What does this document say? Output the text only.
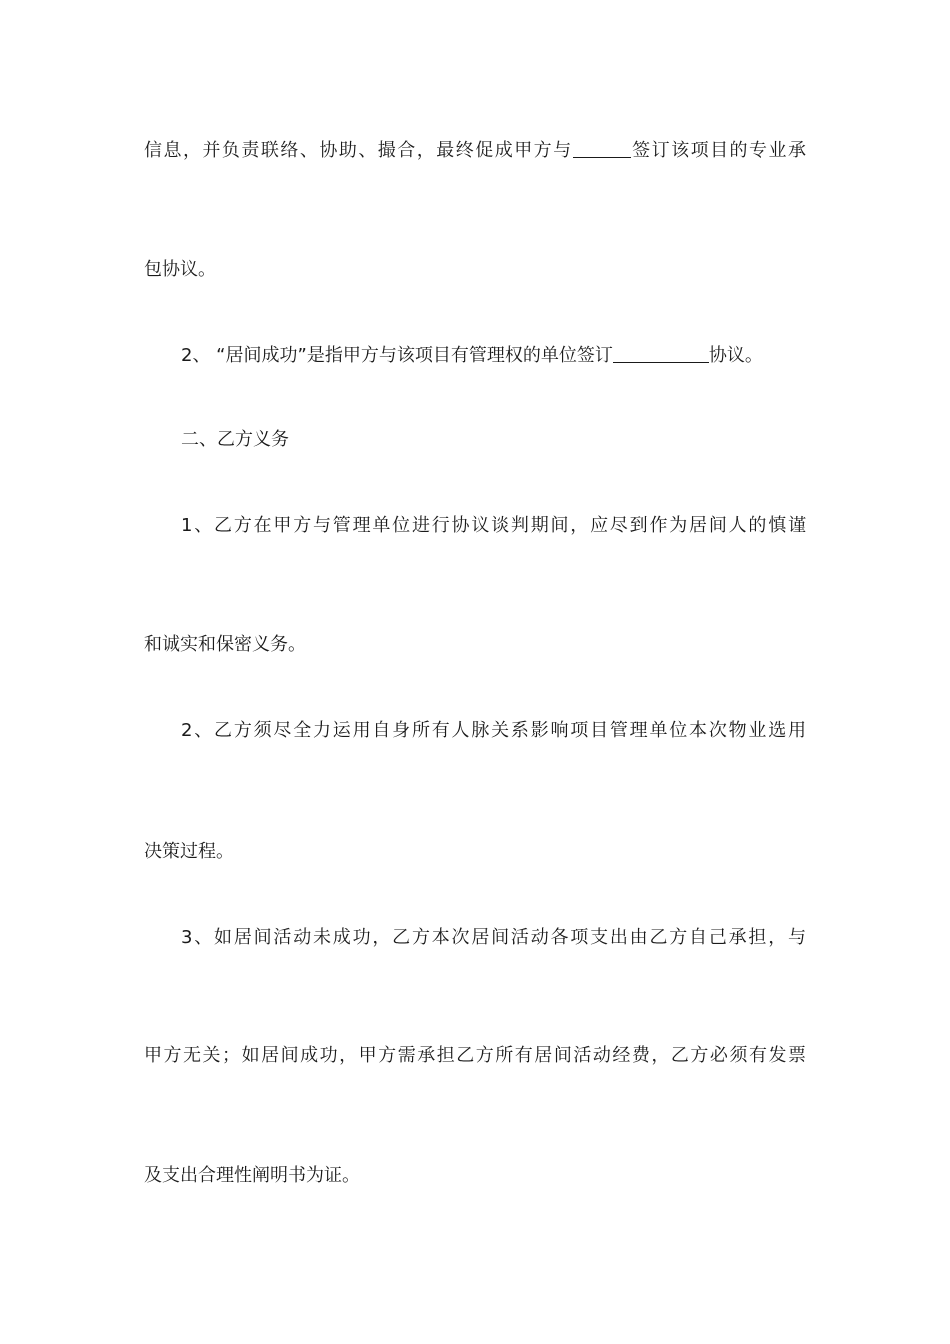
信息，并负责联络、协助、撮合，最终促成甲方与	签订该项目的专业承
包协议。
2、 “居间成功”是指甲方与该项目有管理权的单位签订	协议。
二、乙方义务
1、乙方在甲方与管理单位进行协议谈判期间，应尽到作为居间人的慎谨
和诚实和保密义务。
2、乙方须尽全力运用自身所有人脉关系影响项目管理单位本次物业选用
决策过程。
3、如居间活动未成功，乙方本次居间活动各项支出由乙方自己承担，与
甲方无关；如居间成功，甲方需承担乙方所有居间活动经费，乙方必须有发票
及支出合理性阐明书为证。
